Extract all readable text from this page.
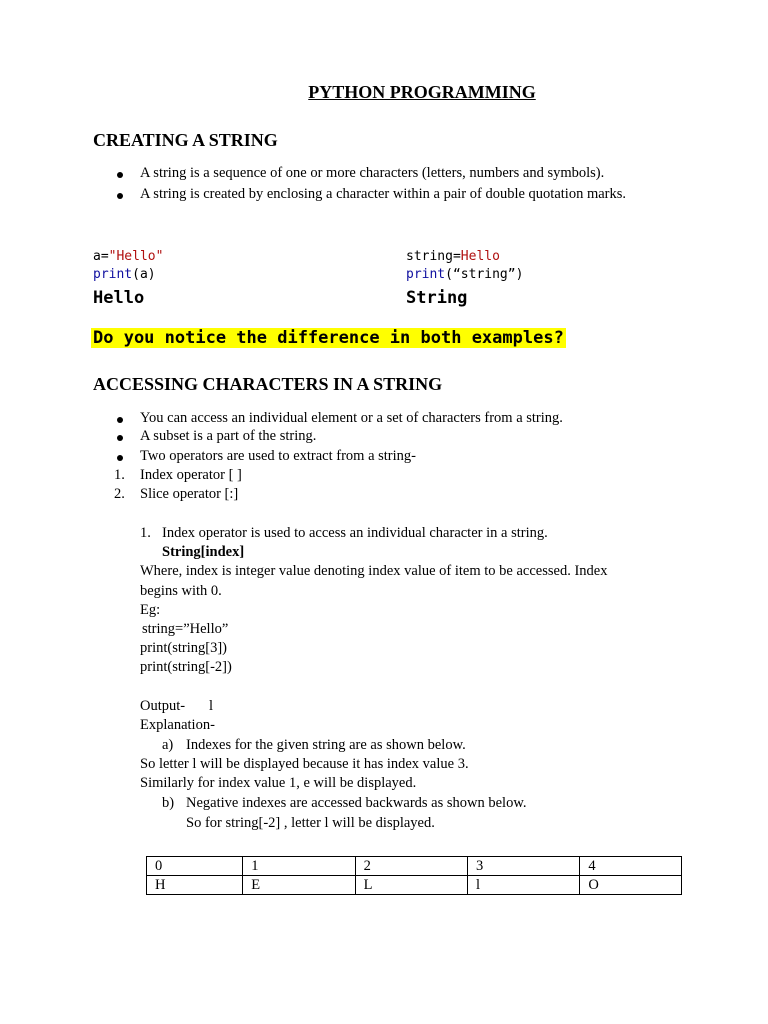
PYTHON PROGRAMMING
CREATING A STRING
A string is a sequence of one or more characters (letters, numbers and symbols).
A string is created by enclosing a character within a pair of double quotation marks.
a="Hello"
print(a)
Hello
string=Hello
print(“string”)
String
Do you notice the difference in both examples?
ACCESSING CHARACTERS IN A STRING
You can access an individual element or a set of characters from a string.
A subset is a part of the string.
Two operators are used to extract from a string-
1. Index operator [ ]
2. Slice operator [:]
1. Index operator is used to access an individual character in a string.
String[index]
Where, index is integer value denoting index value of item to be accessed. Index
begins with 0.
Eg:
string=”Hello”
print(string[3])
print(string[-2])
Output- l
Explanation-
a) Indexes for the given string are as shown below.
So letter l will be displayed because it has index value 3.
Similarly for index value 1, e will be displayed.
b) Negative indexes are accessed backwards as shown below.
So for string[-2] , letter l will be displayed.
0	1	2	3	4
H	E	L	l	O
